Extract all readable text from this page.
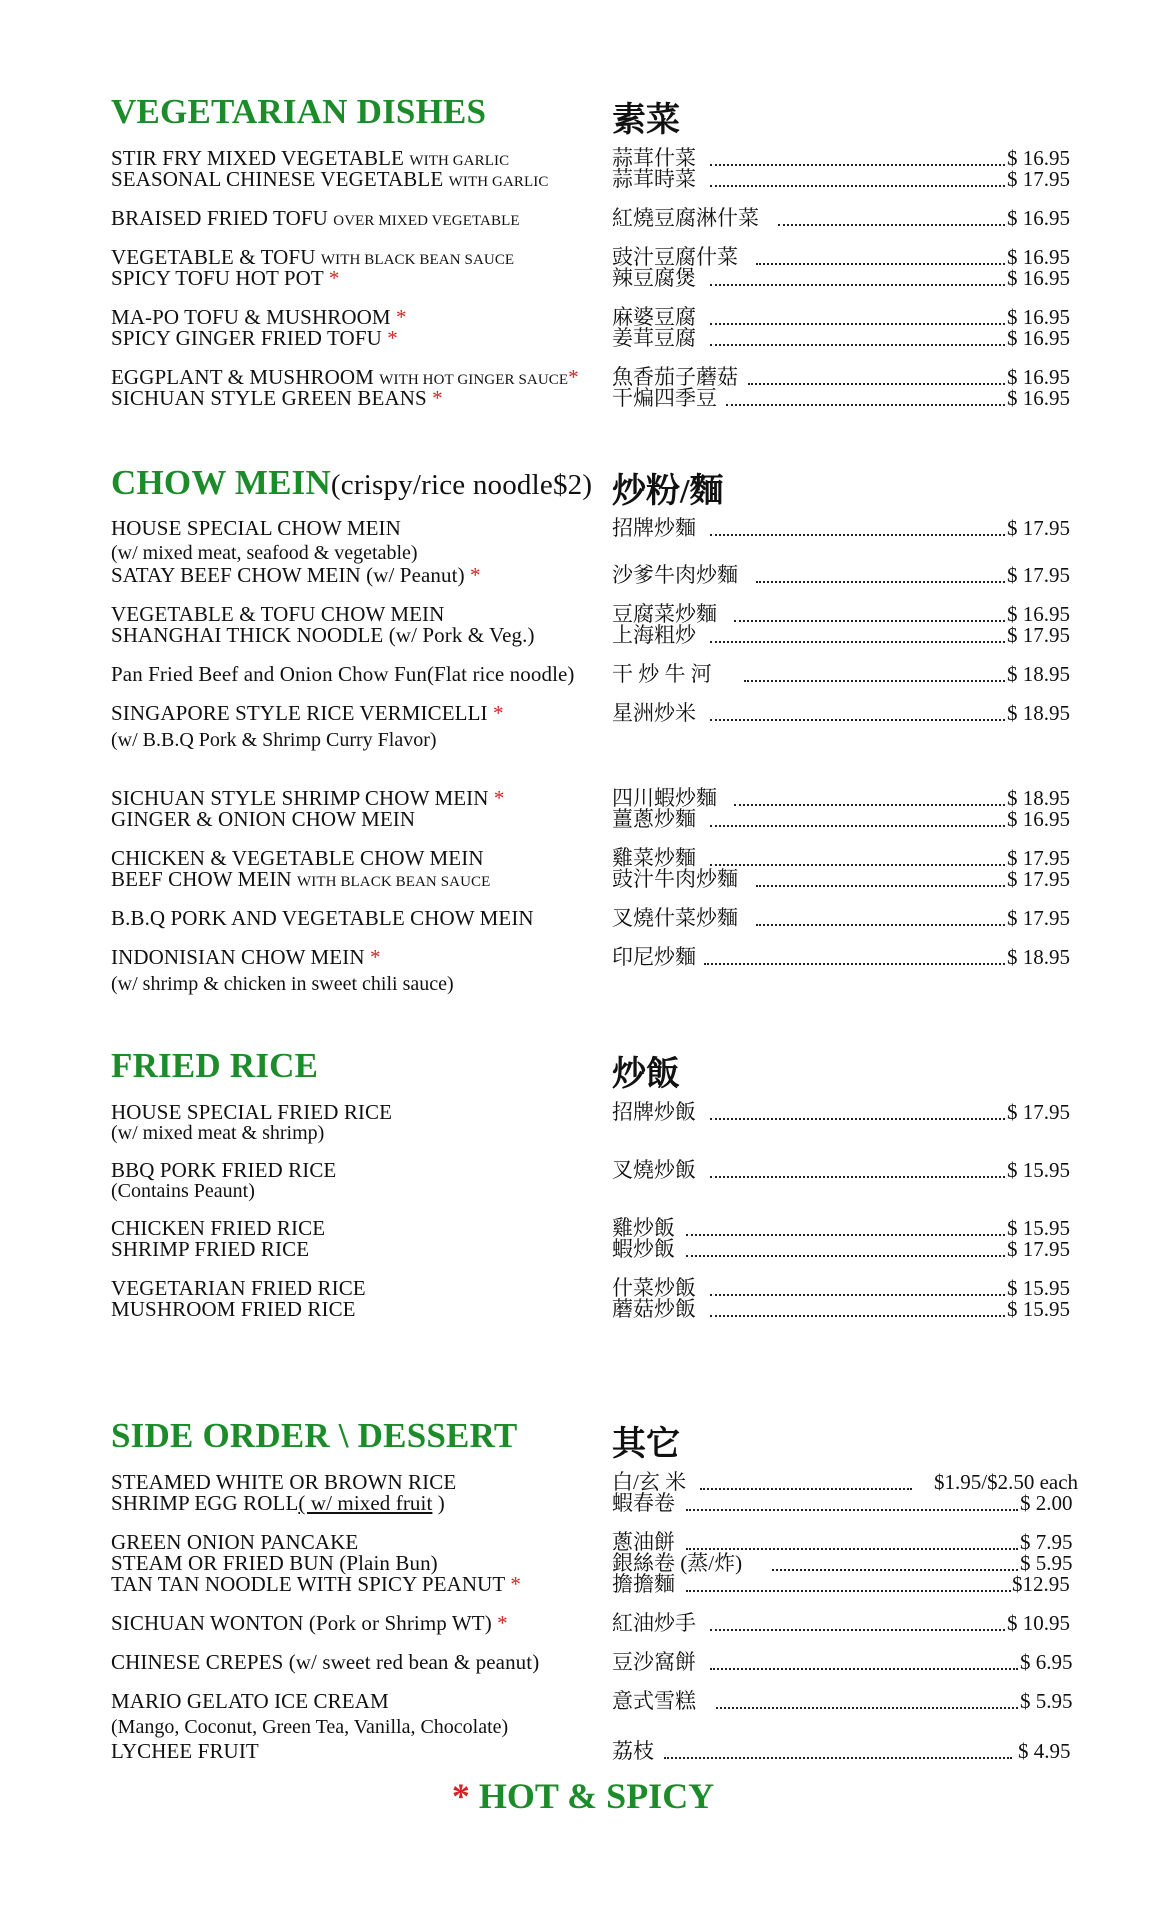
VEGETARIAN DISHES	素菜
STIR FRY MIXED VEGETABLE WITH GARLIC	蒜茸什菜	$ 16.95
SEASONAL CHINESE VEGETABLE WITH GARLIC	蒜茸時菜	$ 17.95
BRAISED FRIED TOFU OVER MIXED VEGETABLE	紅燒豆腐淋什菜	$ 16.95
VEGETABLE & TOFU WITH BLACK BEAN SAUCE	豉汁豆腐什菜	$ 16.95
SPICY TOFU HOT POT *	辣豆腐煲	$ 16.95
MA-PO TOFU & MUSHROOM *	麻婆豆腐	$ 16.95
SPICY GINGER FRIED TOFU *	姜茸豆腐	$ 16.95
EGGPLANT & MUSHROOM WITH HOT GINGER SAUCE* 魚香茄子蘑菇	$ 16.95
SICHUAN STYLE GREEN BEANS *	干煸四季豆	$ 16.95
CHOW MEIN(crispy/rice noodle$2) 炒粉/麵
HOUSE SPECIAL CHOW MEIN	招牌炒麵	$ 17.95
(w/ mixed meat, seafood & vegetable)
SATAY BEEF CHOW MEIN (w/ Peanut) *	沙爹牛肉炒麵	$ 17.95
VEGETABLE & TOFU CHOW MEIN	豆腐菜炒麵	$ 16.95
SHANGHAI THICK NOODLE (w/ Pork & Veg.)	上海粗炒	$ 17.95
Pan Fried Beef and Onion Chow Fun(Flat rice noodle) 干 炒 牛 河	$ 18.95
SINGAPORE STYLE RICE VERMICELLI *	星洲炒米	$ 18.95
(w/ B.B.Q Pork & Shrimp Curry Flavor)
SICHUAN STYLE SHRIMP CHOW MEIN *	四川蝦炒麵	$ 18.95
GINGER & ONION CHOW MEIN	薑蔥炒麵	$ 16.95
CHICKEN & VEGETABLE CHOW MEIN	雞菜炒麵	$ 17.95
BEEF CHOW MEIN WITH BLACK BEAN SAUCE	豉汁牛肉炒麵	$ 17.95
B.B.Q PORK AND VEGETABLE CHOW MEIN	叉燒什菜炒麵	$ 17.95
INDONISIAN CHOW MEIN *	印尼炒麵	$ 18.95
(w/ shrimp & chicken in sweet chili sauce)
FRIED RICE	炒飯
HOUSE SPECIAL FRIED RICE	招牌炒飯	$ 17.95
(w/ mixed meat & shrimp)
BBQ PORK FRIED RICE	叉燒炒飯	$ 15.95
(Contains Peaunt)
CHICKEN FRIED RICE	雞炒飯	$ 15.95
SHRIMP FRIED RICE	蝦炒飯	$ 17.95
VEGETARIAN FRIED RICE	什菜炒飯	$ 15.95
MUSHROOM FRIED RICE	蘑菇炒飯	$ 15.95
SIDE ORDER \ DESSERT	其它
STEAMED WHITE OR BROWN RICE	白/玄 米	$1.95/$2.50 each
SHRIMP EGG ROLL( w/ mixed fruit )	蝦春卷	$ 2.00
GREEN ONION PANCAKE	蔥油餅	$ 7.95
STEAM OR FRIED BUN (Plain Bun)	銀絲卷 (蒸/炸)	$ 5.95
TAN TAN NOODLE WITH SPICY PEANUT *	擔擔麵	$12.95
SICHUAN WONTON (Pork or Shrimp WT) *	紅油炒手	$ 10.95
CHINESE CREPES (w/ sweet red bean & peanut)	豆沙窩餅	$ 6.95
MARIO GELATO ICE CREAM	意式雪糕	$ 5.95
(Mango, Coconut, Green Tea, Vanilla, Chocolate)
LYCHEE FRUIT	荔枝	$ 4.95
* HOT & SPICY
